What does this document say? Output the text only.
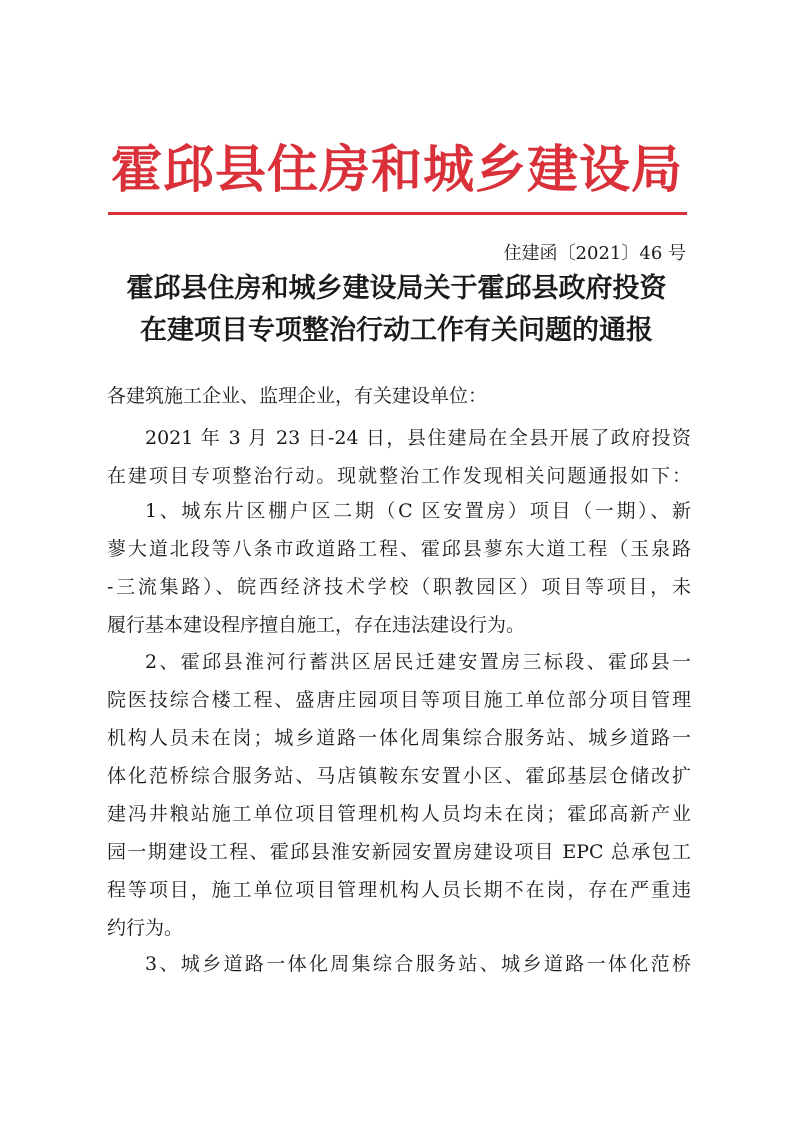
霍邱县住房和城乡建设局
住建函〔2021〕46 号
霍邱县住房和城乡建设局关于霍邱县政府投资
在建项目专项整治行动工作有关问题的通报
各建筑施工企业、监理企业，有关建设单位：
2021 年 3 月 23 日-24 日，县住建局在全县开展了政府投资
在建项目专项整治行动。现就整治工作发现相关问题通报如下：
1、城东片区棚户区二期（C 区安置房）项目（一期）、新
蓼大道北段等八条市政道路工程、霍邱县蓼东大道工程（玉泉路
-三流集路）、皖西经济技术学校（职教园区）项目等项目，未
履行基本建设程序擅自施工，存在违法建设行为。
2、霍邱县淮河行蓄洪区居民迁建安置房三标段、霍邱县一
院医技综合楼工程、盛唐庄园项目等项目施工单位部分项目管理
机构人员未在岗；城乡道路一体化周集综合服务站、城乡道路一
体化范桥综合服务站、马店镇鞍东安置小区、霍邱基层仓储改扩
建冯井粮站施工单位项目管理机构人员均未在岗；霍邱高新产业
园一期建设工程、霍邱县淮安新园安置房建设项目 EPC 总承包工
程等项目，施工单位项目管理机构人员长期不在岗，存在严重违
约行为。
3、城乡道路一体化周集综合服务站、城乡道路一体化范桥
